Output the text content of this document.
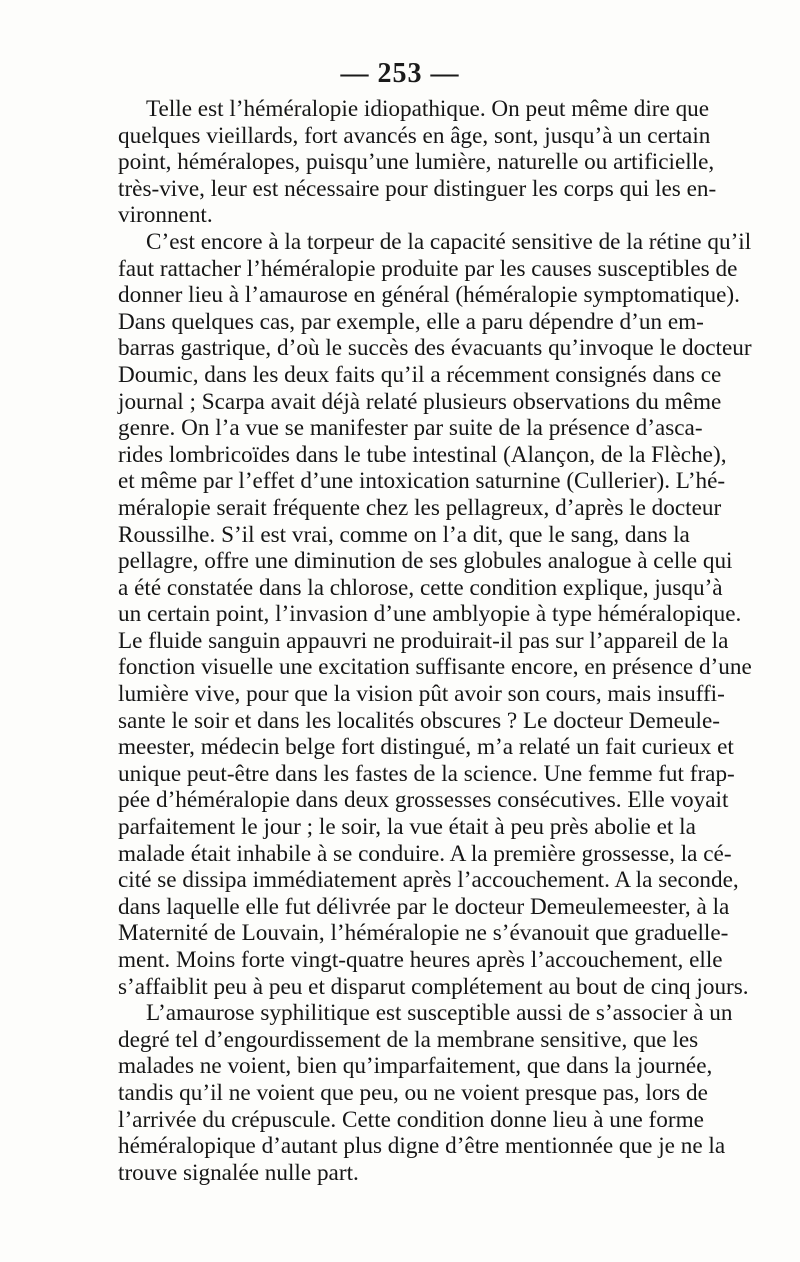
— 253 —
Telle est l’héméralopie idiopathique. On peut même dire que
quelques vieillards, fort avancés en âge, sont, jusqu’à un certain
point, héméralopes, puisqu’une lumière, naturelle ou artificielle,
très-vive, leur est nécessaire pour distinguer les corps qui les en-
vironnent.
C’est encore à la torpeur de la capacité sensitive de la rétine qu’il
faut rattacher l’héméralopie produite par les causes susceptibles de
donner lieu à l’amaurose en général (héméralopie symptomatique).
Dans quelques cas, par exemple, elle a paru dépendre d’un em-
barras gastrique, d’où le succès des évacuants qu’invoque le docteur
Doumic, dans les deux faits qu’il a récemment consignés dans ce
journal ; Scarpa avait déjà relaté plusieurs observations du même
genre. On l’a vue se manifester par suite de la présence d’asca-
rides lombricoïdes dans le tube intestinal (Alançon, de la Flèche),
et même par l’effet d’une intoxication saturnine (Cullerier). L’hé-
méralopie serait fréquente chez les pellagreux, d’après le docteur
Roussilhe. S’il est vrai, comme on l’a dit, que le sang, dans la
pellagre, offre une diminution de ses globules analogue à celle qui
a été constatée dans la chlorose, cette condition explique, jusqu’à
un certain point, l’invasion d’une amblyopie à type héméralopique.
Le fluide sanguin appauvri ne produirait-il pas sur l’appareil de la
fonction visuelle une excitation suffisante encore, en présence d’une
lumière vive, pour que la vision pût avoir son cours, mais insuffi-
sante le soir et dans les localités obscures ? Le docteur Demeule-
meester, médecin belge fort distingué, m’a relaté un fait curieux et
unique peut-être dans les fastes de la science. Une femme fut frap-
pée d’héméralopie dans deux grossesses consécutives. Elle voyait
parfaitement le jour ; le soir, la vue était à peu près abolie et la
malade était inhabile à se conduire. A la première grossesse, la cé-
cité se dissipa immédiatement après l’accouchement. A la seconde,
dans laquelle elle fut délivrée par le docteur Demeulemeester, à la
Maternité de Louvain, l’héméralopie ne s’évanouit que graduelle-
ment. Moins forte vingt-quatre heures après l’accouchement, elle
s’affaiblit peu à peu et disparut complétement au bout de cinq jours.
L’amaurose syphilitique est susceptible aussi de s’associer à un
degré tel d’engourdissement de la membrane sensitive, que les
malades ne voient, bien qu’imparfaitement, que dans la journée,
tandis qu’il ne voient que peu, ou ne voient presque pas, lors de
l’arrivée du crépuscule. Cette condition donne lieu à une forme
héméralopique d’autant plus digne d’être mentionnée que je ne la
trouve signalée nulle part.
